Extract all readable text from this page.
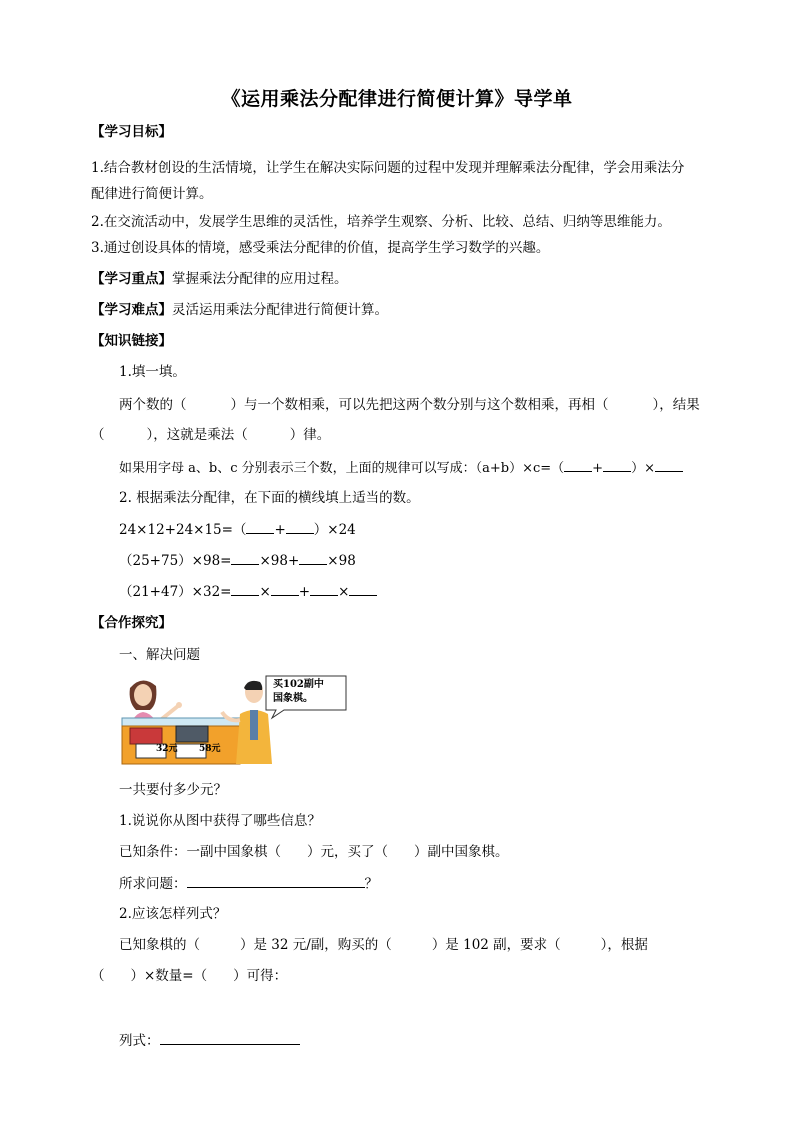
《运用乘法分配律进行简便计算》导学单
【学习目标】
1.结合教材创设的生活情境，让学生在解决实际问题的过程中发现并理解乘法分配律，学会用乘法分
配律进行简便计算。
2.在交流活动中，发展学生思维的灵活性，培养学生观察、分析、比较、总结、归纳等思维能力。
3.通过创设具体的情境，感受乘法分配律的价值，提高学生学习数学的兴趣。
【学习重点】掌握乘法分配律的应用过程。
【学习难点】灵活运用乘法分配律进行简便计算。
【知识链接】
1.填一填。
两个数的（	）与一个数相乘，可以先把这两个数分别与这个数相乘，再相（	），结果
（	），这就是乘法（	）律。
如果用字母 a、b、c 分别表示三个数，上面的规律可以写成：（a+b）×c=（ + ）×
2. 根据乘法分配律，在下面的横线填上适当的数。
24×12+24×15=（ + ）×24
（25+75）×98= ×98+ ×98
（21+47）×32= × + ×
【合作探究】
一、解决问题
32元 58元
买102副中
国象棋。
一共要付多少元？
1.说说你从图中获得了哪些信息？
已知条件：一副中国象棋（ ）元，买了（ ）副中国象棋。
所求问题：	？
2.应该怎样列式？
已知象棋的（	）是 32 元/副，购买的（	）是 102 副，要求（	），根据
（ ）×数量=（ ）可得：
列式：
